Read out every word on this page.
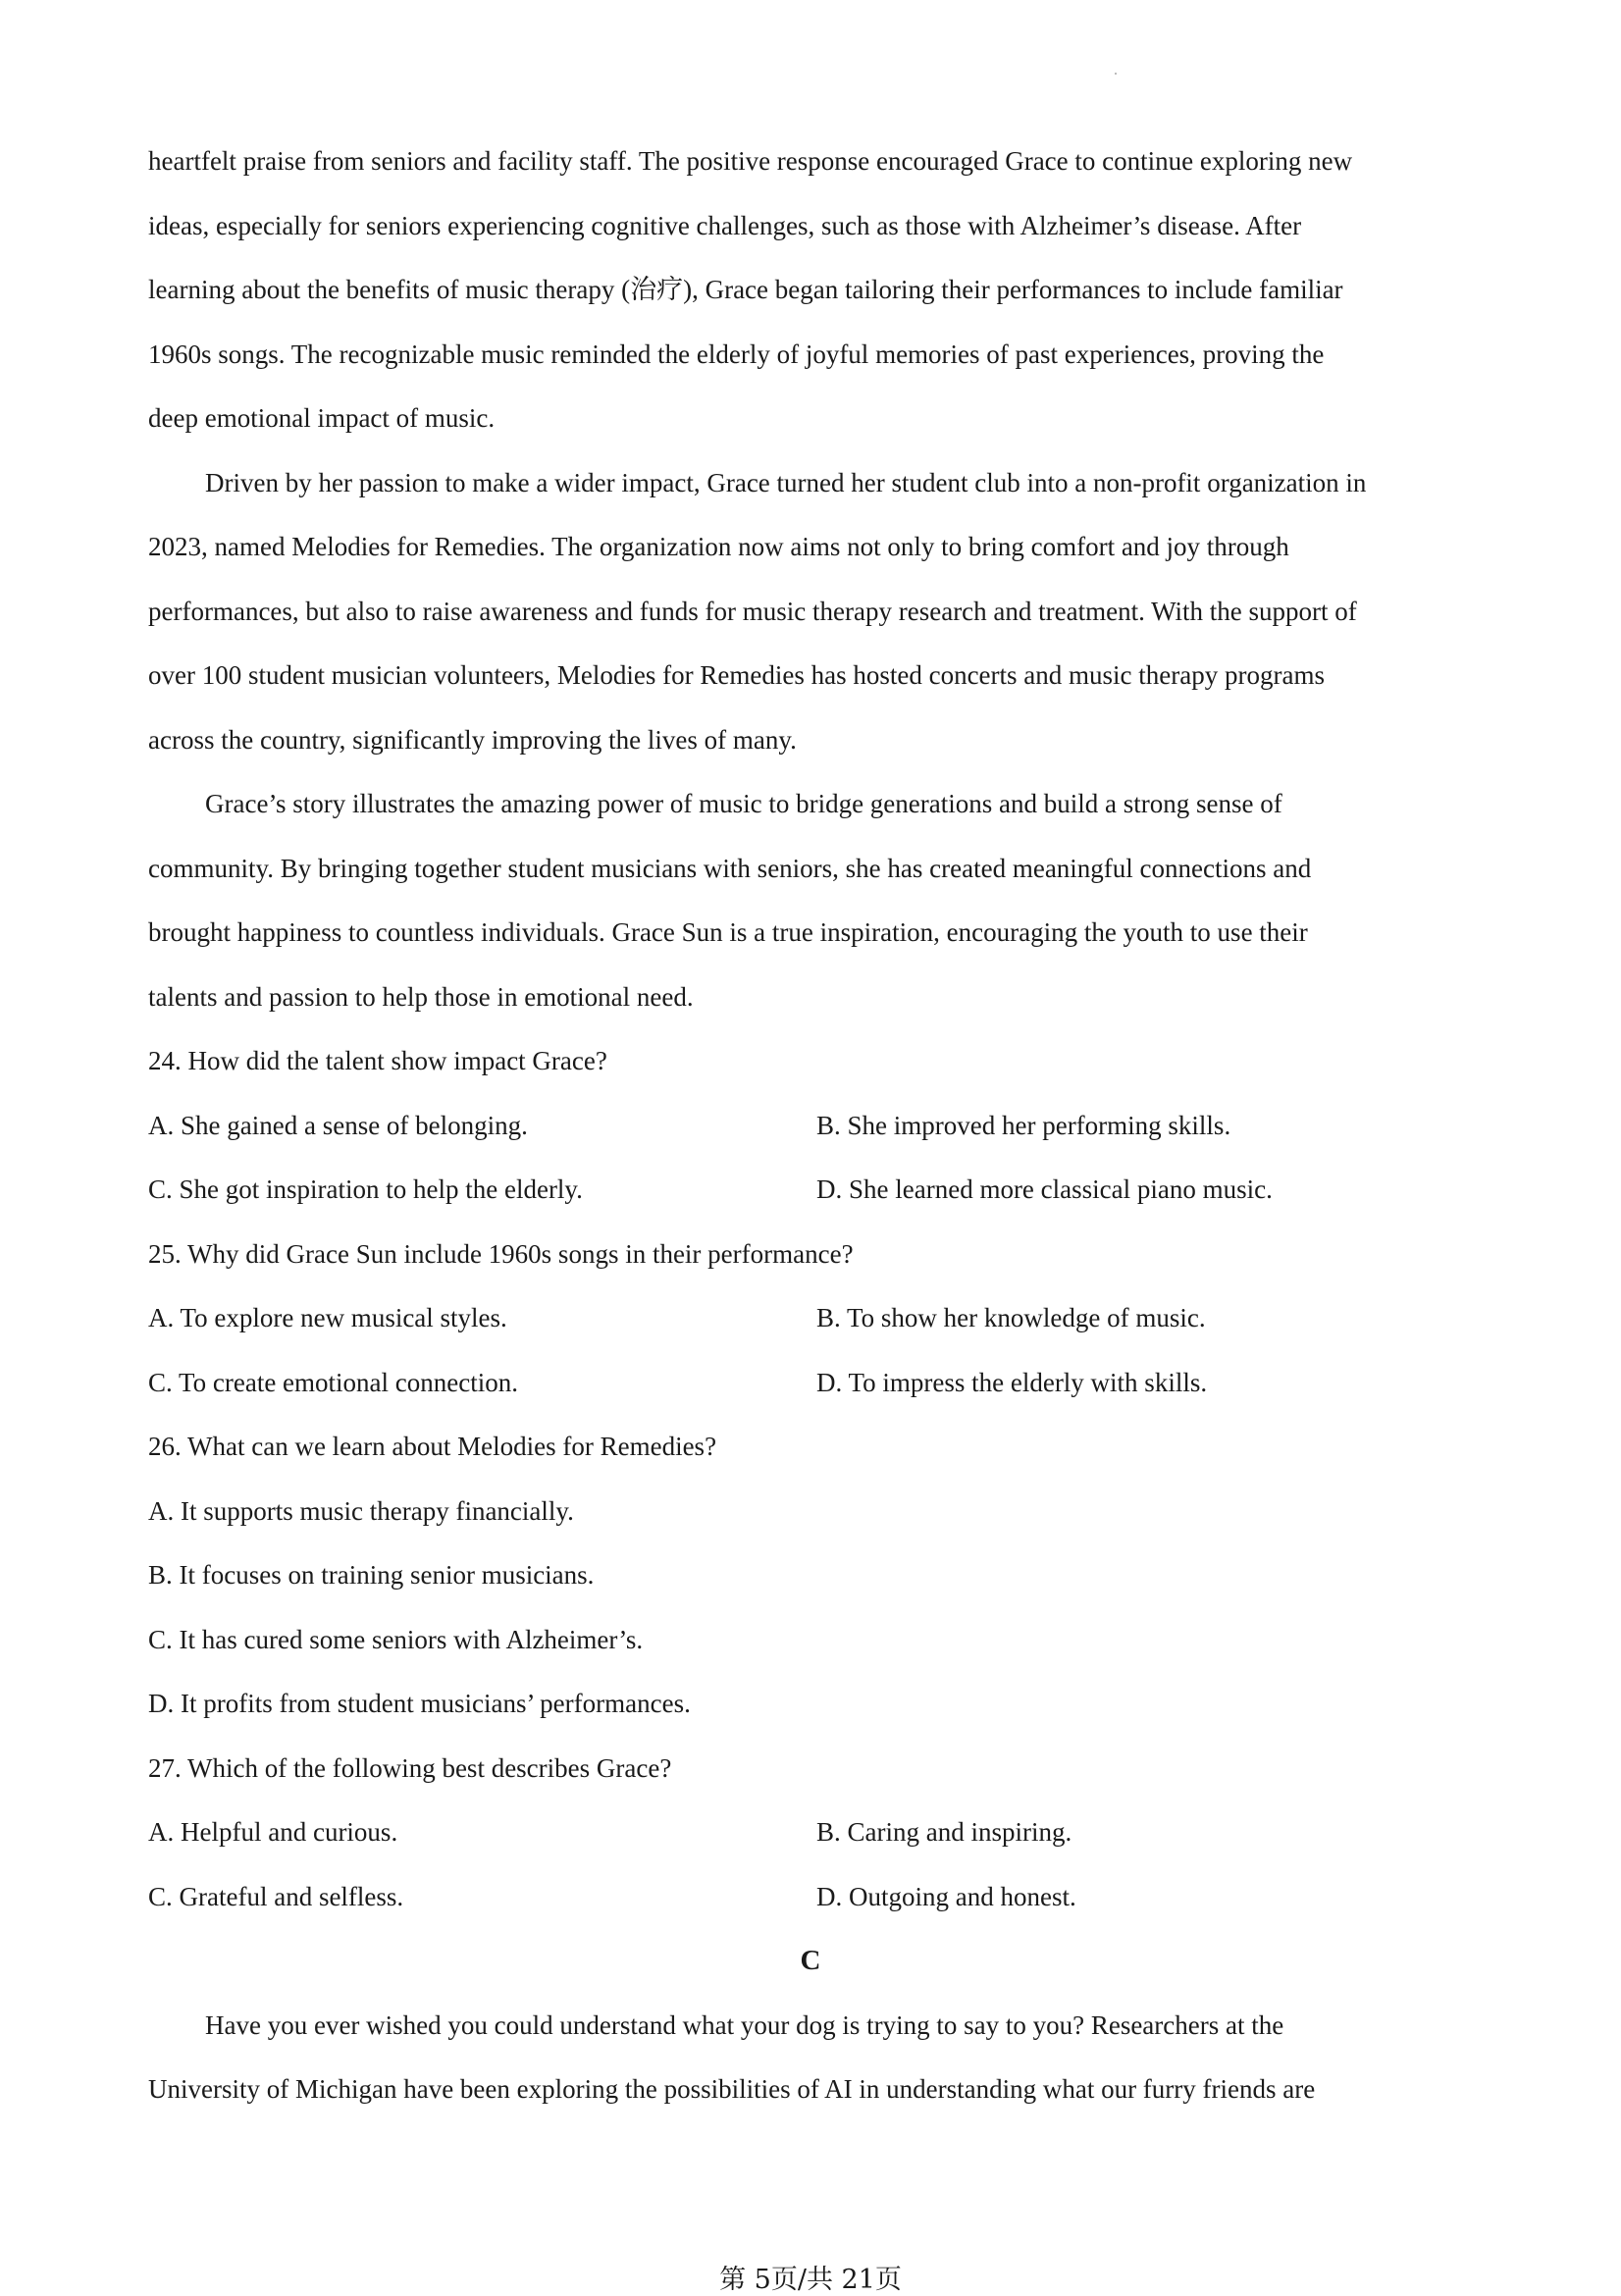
heartfelt praise from seniors and facility staff. The positive response encouraged Grace to continue exploring new
ideas, especially for seniors experiencing cognitive challenges, such as those with Alzheimer’s disease. After
learning about the benefits of music therapy (治疗), Grace began tailoring their performances to include familiar
1960s songs. The recognizable music reminded the elderly of joyful memories of past experiences, proving the
deep emotional impact of music.
Driven by her passion to make a wider impact, Grace turned her student club into a non-profit organization in
2023, named Melodies for Remedies. The organization now aims not only to bring comfort and joy through
performances, but also to raise awareness and funds for music therapy research and treatment. With the support of
over 100 student musician volunteers, Melodies for Remedies has hosted concerts and music therapy programs
across the country, significantly improving the lives of many.
Grace’s story illustrates the amazing power of music to bridge generations and build a strong sense of
community. By bringing together student musicians with seniors, she has created meaningful connections and
brought happiness to countless individuals. Grace Sun is a true inspiration, encouraging the youth to use their
talents and passion to help those in emotional need.
24. How did the talent show impact Grace?
A. She gained a sense of belonging.	B. She improved her performing skills.
C. She got inspiration to help the elderly.	D. She learned more classical piano music.
25. Why did Grace Sun include 1960s songs in their performance?
A. To explore new musical styles.	B. To show her knowledge of music.
C. To create emotional connection.	D. To impress the elderly with skills.
26. What can we learn about Melodies for Remedies?
A. It supports music therapy financially.
B. It focuses on training senior musicians.
C. It has cured some seniors with Alzheimer’s.
D. It profits from student musicians’ performances.
27. Which of the following best describes Grace?
A. Helpful and curious.	B. Caring and inspiring.
C. Grateful and selfless.	D. Outgoing and honest.
C
Have you ever wished you could understand what your dog is trying to say to you? Researchers at the
University of Michigan have been exploring the possibilities of AI in understanding what our furry friends are
第 5页/共 21页
